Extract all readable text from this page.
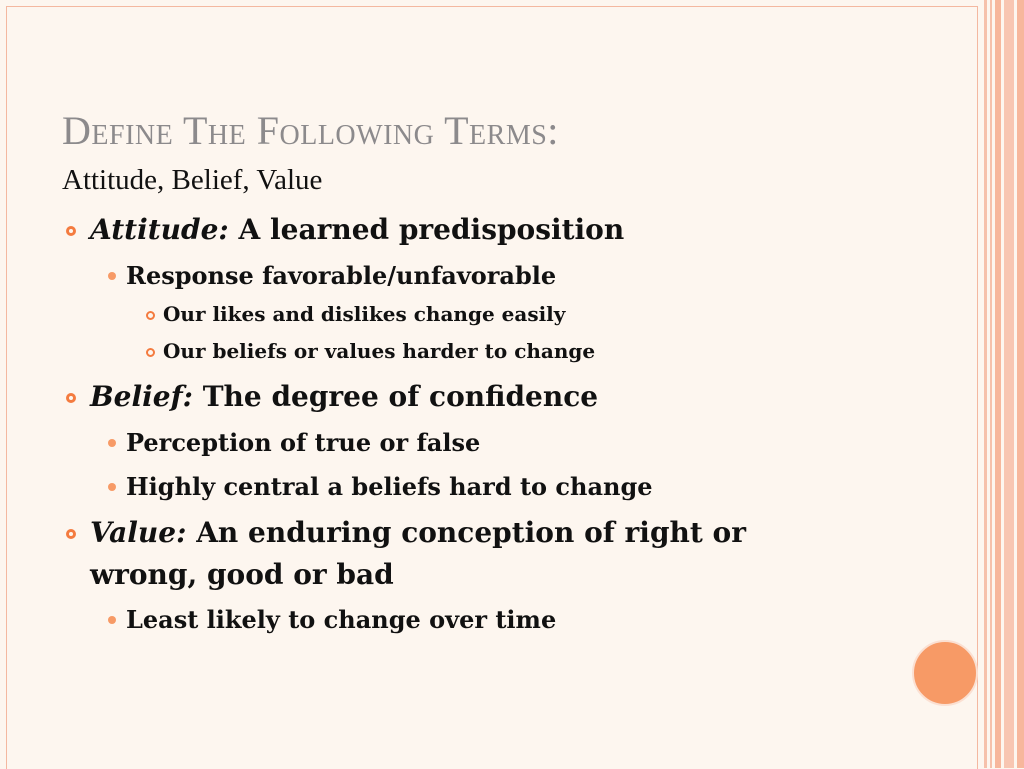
Define The Following Terms:
Attitude, Belief, Value
Attitude: A learned predisposition
Response favorable/unfavorable
Our likes and dislikes change easily
Our beliefs or values harder to change
Belief: The degree of confidence
Perception of true or false
Highly central a beliefs hard to change
Value: An enduring conception of right or
wrong, good or bad
Least likely to change over time
